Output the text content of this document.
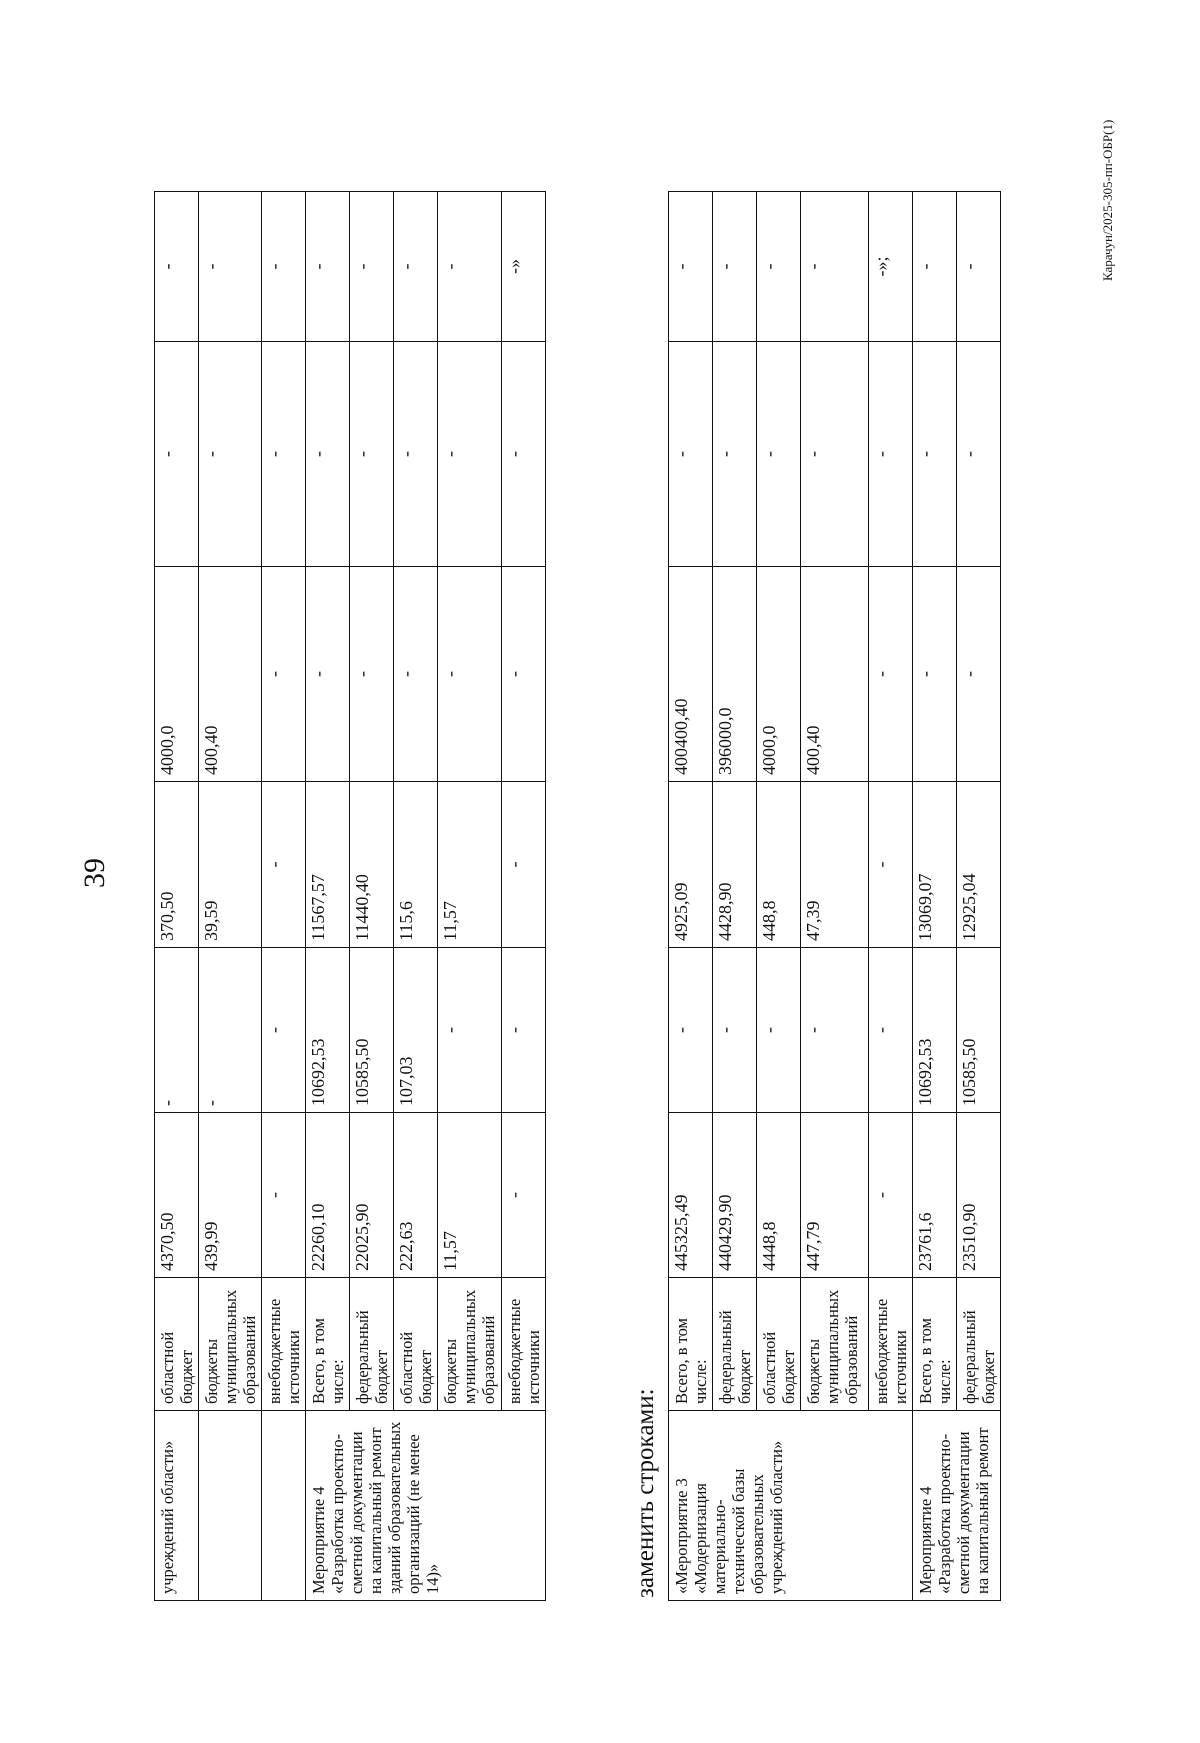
39
учреждений области»	областной бюджет	4370,50	-	370,50	4000,0	-	-
	бюджеты муниципальных образований	439,99	-	39,59	400,40	-	-
	внебюджетные источники	-	-	-	-	-	-
Мероприятие 4 «Разработка проектно-сметной документации на капитальный ремонт зданий образовательных организаций (не менее 14)»	Всего, в том числе:	22260,10	10692,53	11567,57	-	-	-
	федеральный бюджет	22025,90	10585,50	11440,40	-	-	-
	областной бюджет	222,63	107,03	115,6	-	-	-
	бюджеты муниципальных образований	11,57	-	11,57	-	-	-
	внебюджетные источники	-	-	-	-	-	-»
заменить строками: «Мероприятие 3 «Модернизация материально-технической базы образовательных учреждений области»	Всего, в том числе:	445325,49	-	4925,09	400400,40	-	-
	федеральный бюджет	440429,90	-	4428,90	396000,0	-	-
	областной бюджет	4448,8	-	448,8	4000,0	-	-
	бюджеты муниципальных образований	447,79	-	47,39	400,40	-	-
	внебюджетные источники	-	-	-	-	-	-»;
Мероприятие 4 «Разработка проектно-сметной документации на капитальный ремонт	Всего, в том числе:	23761,6	10692,53	13069,07	-	-	-
	федеральный бюджет	23510,90	10585,50	12925,04	-	-	-	Карачун/2025-305-пп-ОБР(1)
